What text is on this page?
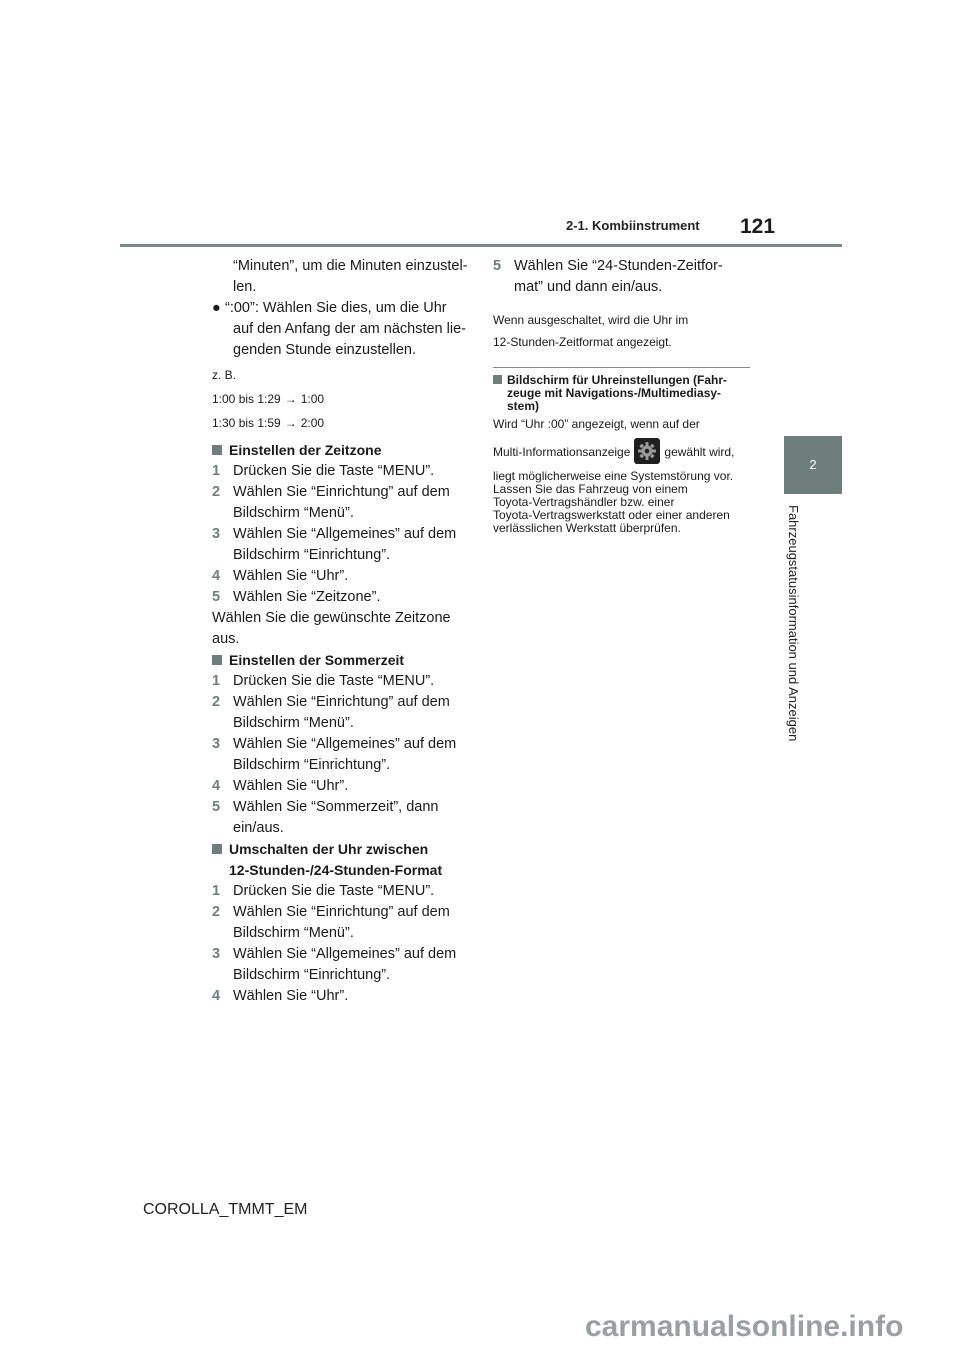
2-1. Kombiinstrument 121
2
Fahrzeugstatusinformation und Anzeigen

“Minuten”, um die Minuten einzustel-

len.

● “:00”: Wählen Sie dies, um die Uhr

auf den Anfang der am nächsten lie-

genden Stunde einzustellen.

z. B.

1:00 bis 1:29 → 1:00

1:30 bis 1:59 → 2:00

Einstellen der Zeitzone

1 Drücken Sie die Taste “MENU”.

2 Wählen Sie “Einrichtung” auf dem

Bildschirm “Menü”.

3 Wählen Sie “Allgemeines” auf dem

Bildschirm “Einrichtung”.

4 Wählen Sie “Uhr”.

5 Wählen Sie “Zeitzone”.

Wählen Sie die gewünschte Zeitzone

aus.

Einstellen der Sommerzeit

1 Drücken Sie die Taste “MENU”.

2 Wählen Sie “Einrichtung” auf dem

Bildschirm “Menü”.

3 Wählen Sie “Allgemeines” auf dem

Bildschirm “Einrichtung”.

4 Wählen Sie “Uhr”.

5 Wählen Sie “Sommerzeit”, dann

ein/aus.

Umschalten der Uhr zwischen

12-Stunden-/24-Stunden-Format

1 Drücken Sie die Taste “MENU”.

2 Wählen Sie “Einrichtung” auf dem

Bildschirm “Menü”.

3 Wählen Sie “Allgemeines” auf dem

Bildschirm “Einrichtung”.

4 Wählen Sie “Uhr”.

5 Wählen Sie “24-Stunden-Zeitfor-

mat” und dann ein/aus.

Wenn ausgeschaltet, wird die Uhr im

12-Stunden-Zeitformat angezeigt.

Bildschirm für Uhreinstellungen (Fahr-

zeuge mit Navigations-/Multimediasy-

stem)

Wird “Uhr :00” angezeigt, wenn auf der

Multi-Informationsanzeige	gewählt wird,

liegt möglicherweise eine Systemstörung vor.

Lassen Sie das Fahrzeug von einem

Toyota-Vertragshändler bzw. einer

Toyota-Vertragswerkstatt oder einer anderen

verlässlichen Werkstatt überprüfen.

COROLLA_TMMT_EM
carmanualsonline.info
